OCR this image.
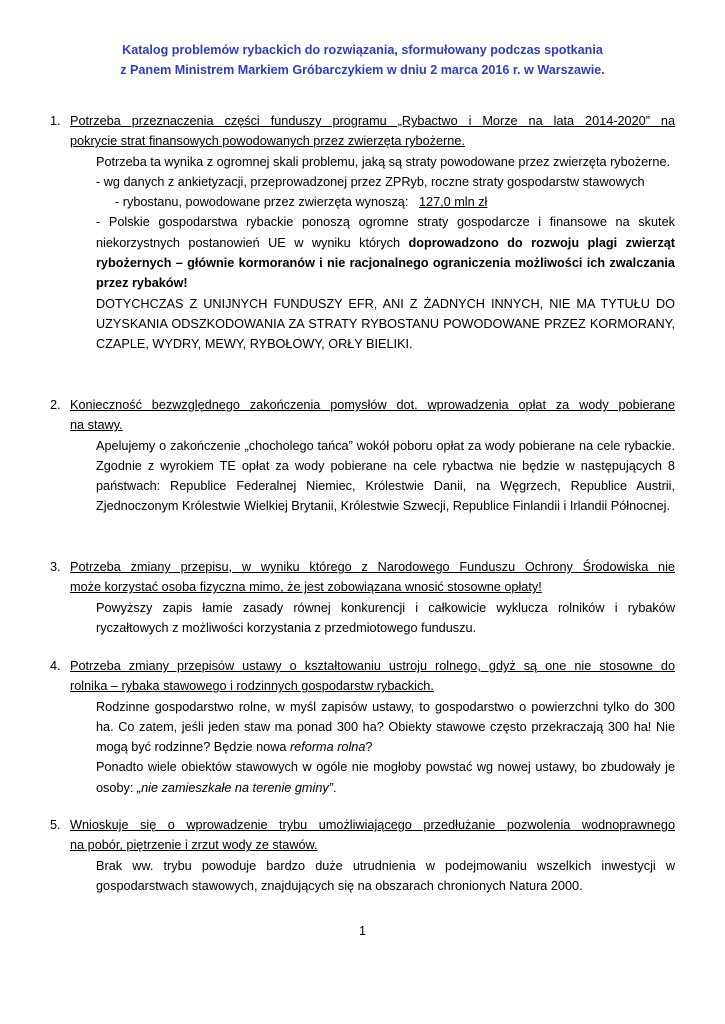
Katalog problemów rybackich do rozwiązania, sformułowany podczas spotkania
z Panem Ministrem Markiem Gróbarczykiem w dniu 2 marca 2016 r. w Warszawie.
1. Potrzeba przeznaczenia części funduszy programu „Rybactwo i Morze na lata 2014-2020” na
pokrycie strat finansowych powodowanych przez zwierzęta rybożerne.
Potrzeba ta wynika z ogromnej skali problemu, jaką są straty powodowane przez zwierzęta rybożerne.
- wg danych z ankietyzacji, przeprowadzonej przez ZPRyb, roczne straty gospodarstw stawowych
- rybostanu, powodowane przez zwierzęta wynoszą:   127,0 mln zł
- Polskie gospodarstwa rybackie ponoszą ogromne straty gospodarcze i finansowe na skutek niekorzystnych postanowień UE w wyniku których doprowadzono do rozwoju plagi zwierząt rybożernych – głównie kormoranów i nie racjonalnego ograniczenia możliwości ich zwalczania przez rybaków!
DOTYCHCZAS Z UNIJNYCH FUNDUSZY EFR, ANI Z ŻADNYCH INNYCH, NIE MA TYTUŁU DO UZYSKANIA ODSZKODOWANIA ZA STRATY RYBOSTANU POWODOWANE PRZEZ KORMORANY, CZAPLE, WYDRY, MEWY, RYBOŁOWY, ORŁY BIELIKI.
2. Konieczność bezwzględnego zakończenia pomysłów dot. wprowadzenia opłat za wody pobierane
na stawy.
Apelujemy o zakończenie „chocholego tańca” wokół poboru opłat za wody pobierane na cele rybackie. Zgodnie z wyrokiem TE opłat za wody pobierane na cele rybactwa nie będzie w następujących 8 państwach: Republice Federalnej Niemiec, Królestwie Danii, na Węgrzech, Republice Austrii, Zjednoczonym Królestwie Wielkiej Brytanii, Królestwie Szwecji, Republice Finlandii i Irlandii Północnej.
3. Potrzeba zmiany przepisu, w wyniku którego z Narodowego Funduszu Ochrony Środowiska nie
może korzystać osoba fizyczna mimo, że jest zobowiązana wnosić stosowne opłaty!
Powyższy zapis łamie zasady równej konkurencji i całkowicie wyklucza rolników i rybaków ryczałtowych z możliwości korzystania z przedmiotowego funduszu.
4. Potrzeba zmiany przepisów ustawy o kształtowaniu ustroju rolnego, gdyż są one nie stosowne do
rolnika – rybaka stawowego i rodzinnych gospodarstw rybackich.
Rodzinne gospodarstwo rolne, w myśl zapisów ustawy, to gospodarstwo o powierzchni tylko do 300 ha. Co zatem, jeśli jeden staw ma ponad 300 ha? Obiekty stawowe często przekraczają 300 ha! Nie mogą być rodzinne? Będzie nowa reforma rolna?
Ponadto wiele obiektów stawowych w ogóle nie mogłoby powstać wg nowej ustawy, bo zbudowały je osoby: „nie zamieszkałe na terenie gminy”.
5. Wnioskuje się o wprowadzenie trybu umożliwiającego przedłużanie pozwolenia wodnoprawnego
na pobór, piętrzenie i zrzut wody ze stawów.
Brak ww. trybu powoduje bardzo duże utrudnienia w podejmowaniu wszelkich inwestycji w gospodarstwach stawowych, znajdujących się na obszarach chronionych Natura 2000.
1
